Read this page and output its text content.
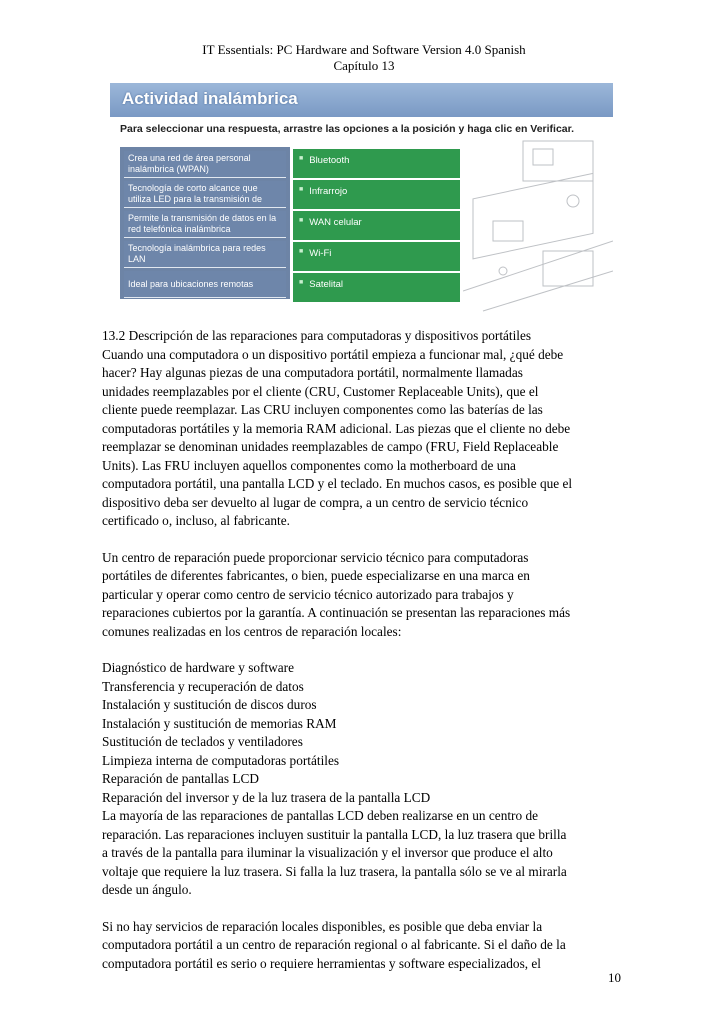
IT Essentials: PC Hardware and Software Version 4.0 Spanish
Capítulo 13
Actividad inalámbrica
Para seleccionar una respuesta, arrastre las opciones a la posición y haga clic en Verificar.
Crea una red de área personal inalámbrica (WPAN)
Tecnología de corto alcance que utiliza LED para la transmisión de
Permite la transmisión de datos en la red telefónica inalámbrica
Tecnología inalámbrica para redes LAN
Ideal para ubicaciones remotas
■ Bluetooth
■ Infrarrojo
■ WAN celular
■ Wi-Fi
■ Satelital

13.2 Descripción de las reparaciones para computadoras y dispositivos portátiles
Cuando una computadora o un dispositivo portátil empieza a funcionar mal, ¿qué debe
hacer? Hay algunas piezas de una computadora portátil, normalmente llamadas
unidades reemplazables por el cliente (CRU, Customer Replaceable Units), que el
cliente puede reemplazar. Las CRU incluyen componentes como las baterías de las
computadoras portátiles y la memoria RAM adicional. Las piezas que el cliente no debe
reemplazar se denominan unidades reemplazables de campo (FRU, Field Replaceable
Units). Las FRU incluyen aquellos componentes como la motherboard de una
computadora portátil, una pantalla LCD y el teclado. En muchos casos, es posible que el
dispositivo deba ser devuelto al lugar de compra, a un centro de servicio técnico
certificado o, incluso, al fabricante.

Un centro de reparación puede proporcionar servicio técnico para computadoras
portátiles de diferentes fabricantes, o bien, puede especializarse en una marca en
particular y operar como centro de servicio técnico autorizado para trabajos y
reparaciones cubiertos por la garantía. A continuación se presentan las reparaciones más
comunes realizadas en los centros de reparación locales:

Diagnóstico de hardware y software
Transferencia y recuperación de datos
Instalación y sustitución de discos duros
Instalación y sustitución de memorias RAM
Sustitución de teclados y ventiladores
Limpieza interna de computadoras portátiles
Reparación de pantallas LCD
Reparación del inversor y de la luz trasera de la pantalla LCD

La mayoría de las reparaciones de pantallas LCD deben realizarse en un centro de
reparación. Las reparaciones incluyen sustituir la pantalla LCD, la luz trasera que brilla
a través de la pantalla para iluminar la visualización y el inversor que produce el alto
voltaje que requiere la luz trasera. Si falla la luz trasera, la pantalla sólo se ve al mirarla
desde un ángulo.

Si no hay servicios de reparación locales disponibles, es posible que deba enviar la
computadora portátil a un centro de reparación regional o al fabricante. Si el daño de la
computadora portátil es serio o requiere herramientas y software especializados, el

10
